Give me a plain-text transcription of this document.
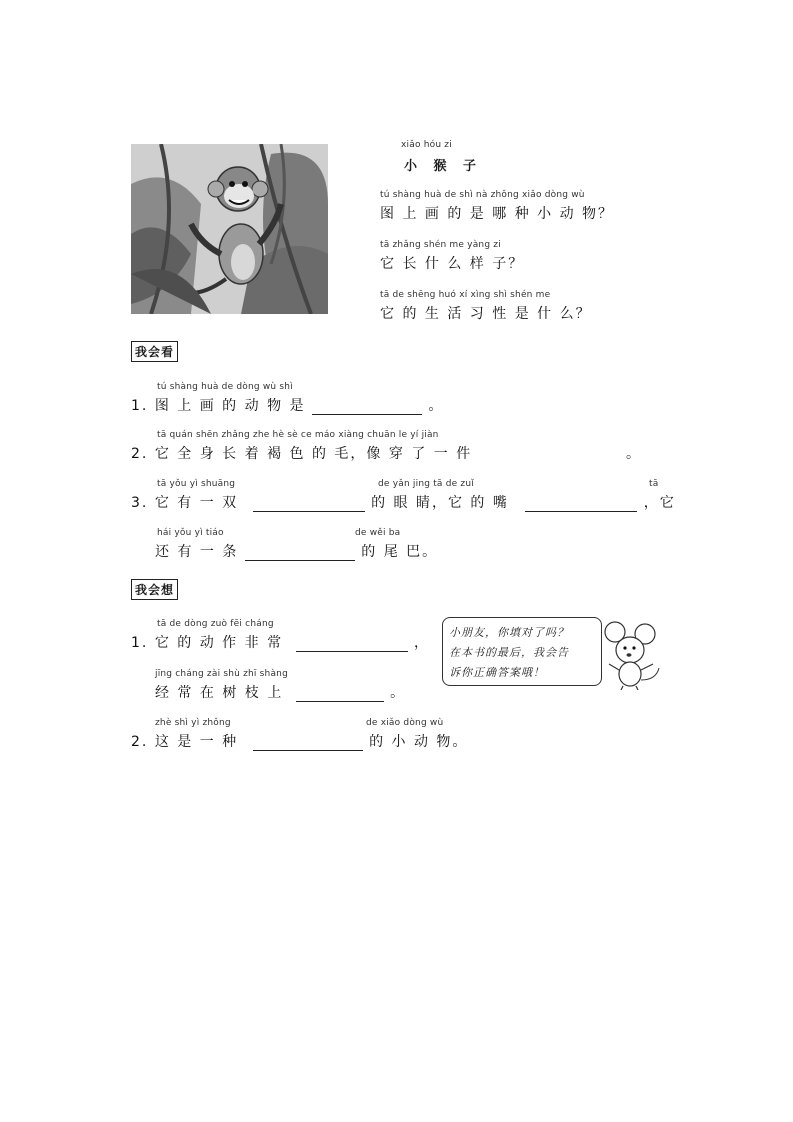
xiǎo hóu zi
小 猴 子
tú shàng huà de shì nà zhǒng xiǎo dòng wù
图 上 画 的 是 哪 种 小 动 物？
tā zhǎng shén me yàng zi
它 长 什 么 样 子？
tā de shēng huó xí xìng shì shén me
它 的 生 活 习 性 是 什 么？
我会看
tú shàng huà de dòng wù shì
1. 图 上 画 的 动 物 是	。
tā quán shēn zhǎng zhe hè sè ce máo xiàng chuān le yí jiàn
2. 它 全 身 长 着 褐 色 的 毛，像 穿 了 一 件	。
tā yǒu yì shuāng	de yǎn jing tā de zuǐ	tā
3. 它 有 一 双	的 眼 睛，它 的 嘴	，它
hái yǒu yì tiáo	de wěi ba
还 有 一 条	的 尾 巴。
我会想
tā de dòng zuò fēi cháng
1. 它 的 动 作 非 常	，
jīng cháng zài shù zhī shàng
经 常 在 树 枝 上	。
zhè shì yì zhǒng	de xiǎo dòng wù
2. 这 是 一 种	的 小 动 物。
小朋友，你填对了吗？
在本书的最后，我会告
诉你正确答案哦！
